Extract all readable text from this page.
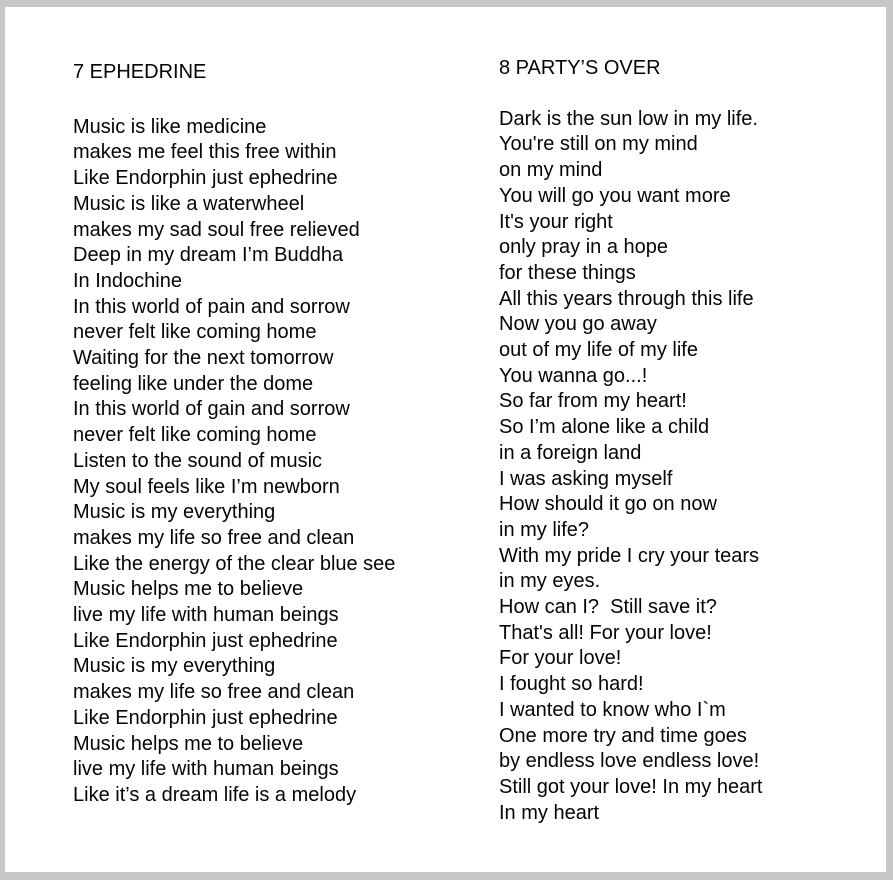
7 EPHEDRINE
Music is like medicine
makes me feel this free within
Like Endorphin just ephedrine
Music is like a waterwheel
makes my sad soul free relieved
Deep in my dream I’m Buddha
In Indochine
In this world of pain and sorrow
never felt like coming home
Waiting for the next tomorrow
feeling like under the dome
In this world of gain and sorrow
never felt like coming home
Listen to the sound of music
My soul feels like I’m newborn
Music is my everything
makes my life so free and clean
Like the energy of the clear blue see
Music helps me to believe
live my life with human beings
Like Endorphin just ephedrine
Music is my everything
makes my life so free and clean
Like Endorphin just ephedrine
Music helps me to believe
live my life with human beings
Like it’s a dream life is a melody
8 PARTY’S OVER
Dark is the sun low in my life.
You're still on my mind
on my mind
You will go you want more
It's your right
only pray in a hope
for these things
All this years through this life
Now you go away
out of my life of my life
You wanna go...!
So far from my heart!
So I’m alone like a child
in a foreign land
I was asking myself
How should it go on now
in my life?
With my pride I cry your tears
in my eyes.
How can I?  Still save it?
That's all! For your love!
For your love!
I fought so hard!
I wanted to know who I`m
One more try and time goes
by endless love endless love!
Still got your love! In my heart
In my heart
